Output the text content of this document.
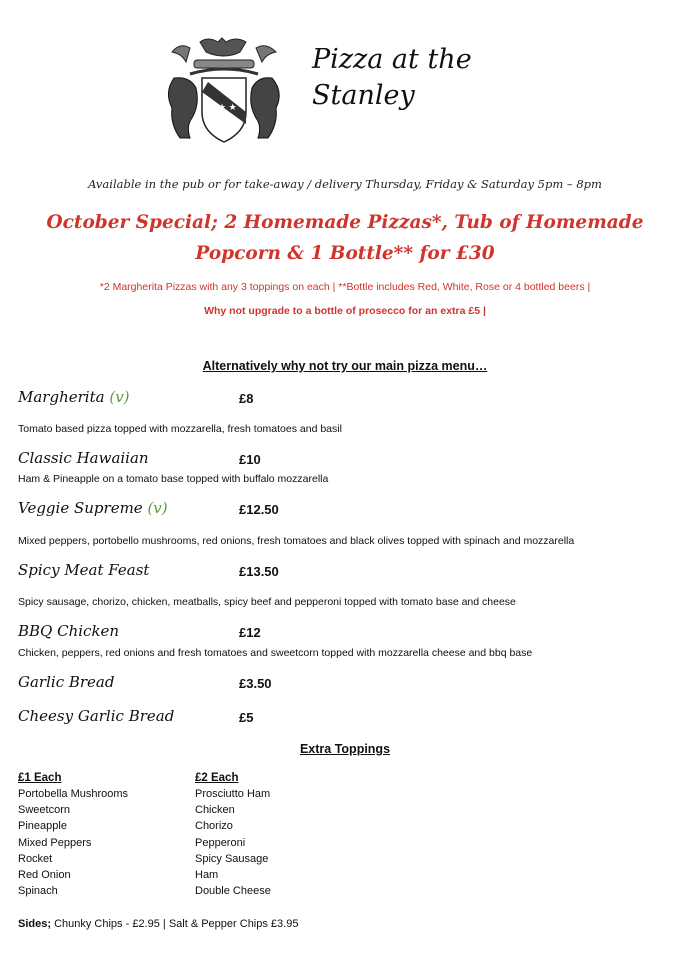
★ ★
Pizza at the
Stanley
Available in the pub or for take-away / delivery Thursday, Friday & Saturday 5pm – 8pm
October Special; 2 Homemade Pizzas*, Tub of Homemade
Popcorn & 1 Bottle** for £30
*2 Margherita Pizzas with any 3 toppings on each | **Bottle includes Red, White, Rose or 4 bottled beers |
Why not upgrade to a bottle of prosecco for an extra £5 |
Alternatively why not try our main pizza menu…
Margherita (v)	£8
Tomato based pizza topped with mozzarella, fresh tomatoes and basil
Classic Hawaiian	£10
Ham & Pineapple on a tomato base topped with buffalo mozzarella
Veggie Supreme (v)	£12.50
Mixed peppers, portobello mushrooms, red onions, fresh tomatoes and black olives topped with spinach and mozzarella
Spicy Meat Feast	£13.50
Spicy sausage, chorizo, chicken, meatballs, spicy beef and pepperoni topped with tomato base and cheese
BBQ Chicken	£12
Chicken, peppers, red onions and fresh tomatoes and sweetcorn topped with mozzarella cheese and bbq base
Garlic Bread	£3.50
Cheesy Garlic Bread	£5
Extra Toppings
£1 Each
Portobella Mushrooms
Sweetcorn
Pineapple
Mixed Peppers
Rocket
Red Onion
Spinach
£2 Each
Prosciutto Ham
Chicken
Chorizo
Pepperoni
Spicy Sausage
Ham
Double Cheese
Sides; Chunky Chips - £2.95 | Salt & Pepper Chips £3.95
